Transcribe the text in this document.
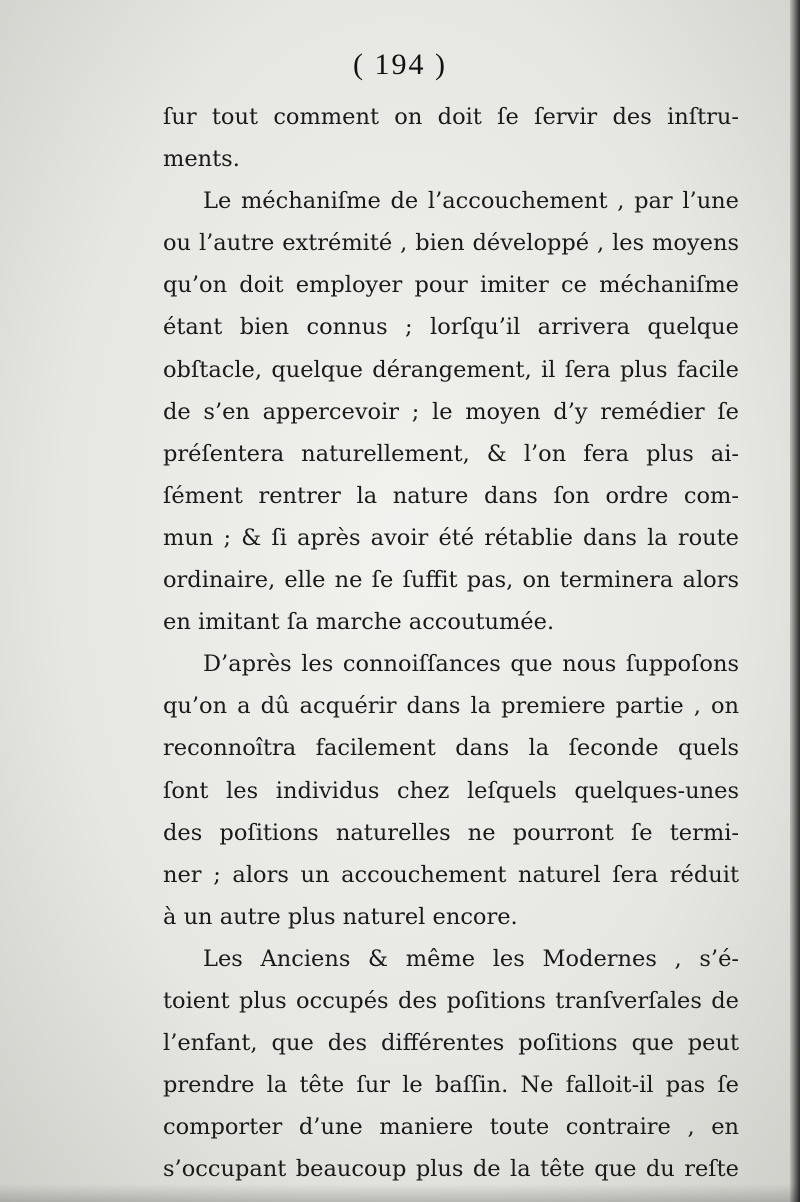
( 194 )
ſur tout comment on doit ſe ſervir des inſtru-
ments.
Le méchaniſme de l’accouchement , par l’une
ou l’autre extrémité , bien développé , les moyens
qu’on doit employer pour imiter ce méchaniſme
étant bien connus ; lorſqu’il arrivera quelque
obſtacle, quelque dérangement, il ſera plus facile
de s’en appercevoir ; le moyen d’y remédier ſe
préſentera naturellement, & l’on fera plus ai-
ſément rentrer la nature dans ſon ordre com-
mun ; & ſi après avoir été rétablie dans la route
ordinaire, elle ne ſe ſuffit pas, on terminera alors
en imitant ſa marche accoutumée.
D’après les connoiſſances que nous ſuppoſons
qu’on a dû acquérir dans la premiere partie , on
reconnoîtra facilement dans la ſeconde quels
ſont les individus chez leſquels quelques-unes
des poſitions naturelles ne pourront ſe termi-
ner ; alors un accouchement naturel ſera réduit
à un autre plus naturel encore.
Les Anciens & même les Modernes , s’é-
toient plus occupés des poſitions tranſverſales de
l’enfant, que des différentes poſitions que peut
prendre la tête ſur le baſſin. Ne falloit-il pas ſe
comporter d’une maniere toute contraire , en
s’occupant beaucoup plus de la tête que du reſte
